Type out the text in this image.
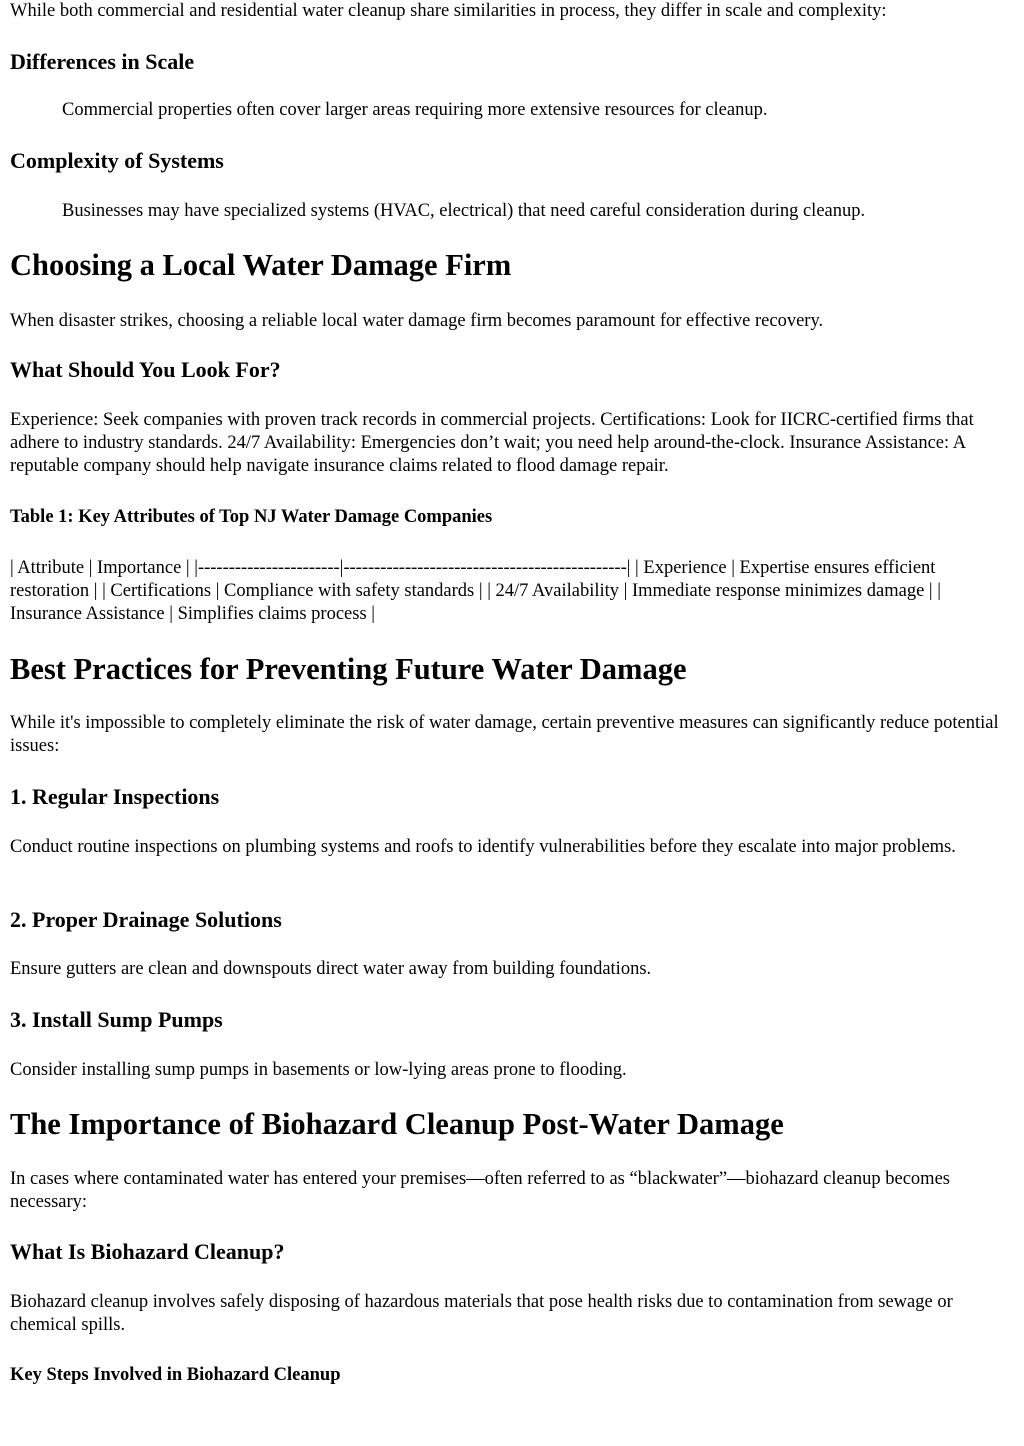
While both commercial and residential water cleanup share similarities in process, they differ in scale and complexity:

Differences in Scale

Commercial properties often cover larger areas requiring more extensive resources for cleanup.

Complexity of Systems

Businesses may have specialized systems (HVAC, electrical) that need careful consideration during cleanup.

Choosing a Local Water Damage Firm

When disaster strikes, choosing a reliable local water damage firm becomes paramount for effective recovery.

What Should You Look For?

Experience: Seek companies with proven track records in commercial projects. Certifications: Look for IICRC-certified firms that adhere to industry standards. 24/7 Availability: Emergencies don’t wait; you need help around-the-clock. Insurance Assistance: A reputable company should help navigate insurance claims related to flood damage repair.

Table 1: Key Attributes of Top NJ Water Damage Companies

| Attribute | Importance | |-----------------------|----------------------------------------------| | Experience | Expertise ensures efficient restoration | | Certifications | Compliance with safety standards | | 24/7 Availability | Immediate response minimizes damage | | Insurance Assistance | Simplifies claims process |

Best Practices for Preventing Future Water Damage

While it's impossible to completely eliminate the risk of water damage, certain preventive measures can significantly reduce potential issues:

1. Regular Inspections

Conduct routine inspections on plumbing systems and roofs to identify vulnerabilities before they escalate into major problems.

2. Proper Drainage Solutions

Ensure gutters are clean and downspouts direct water away from building foundations.

3. Install Sump Pumps

Consider installing sump pumps in basements or low-lying areas prone to flooding.

The Importance of Biohazard Cleanup Post-Water Damage

In cases where contaminated water has entered your premises—often referred to as “blackwater”—biohazard cleanup becomes necessary:

What Is Biohazard Cleanup?

Biohazard cleanup involves safely disposing of hazardous materials that pose health risks due to contamination from sewage or chemical spills.

Key Steps Involved in Biohazard Cleanup
